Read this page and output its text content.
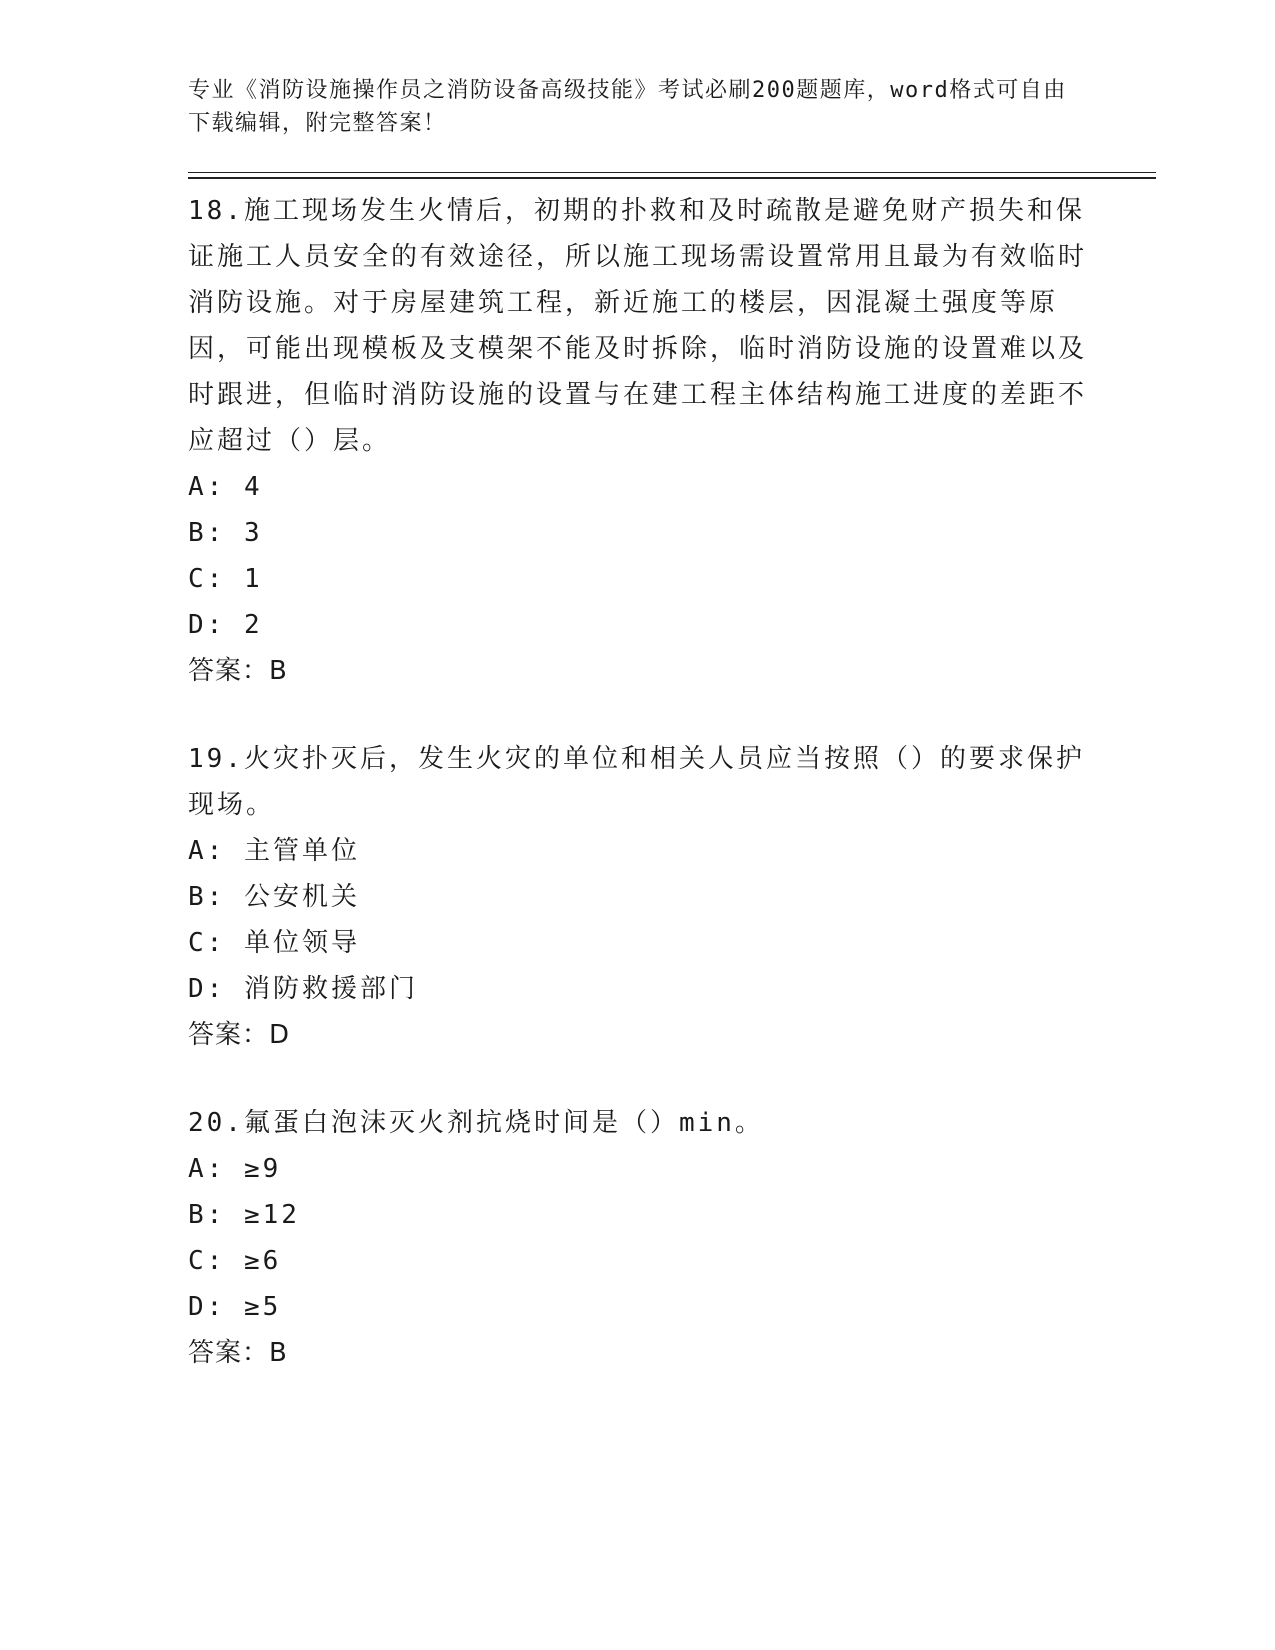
专业《消防设施操作员之消防设备高级技能》考试必刷200题题库，word格式可自由下载编辑，附完整答案！

18.施工现场发生火情后，初期的扑救和及时疏散是避免财产损失和保证施工人员安全的有效途径，所以施工现场需设置常用且最为有效临时消防设施。对于房屋建筑工程，新近施工的楼层，因混凝土强度等原因，可能出现模板及支模架不能及时拆除，临时消防设施的设置难以及时跟进，但临时消防设施的设置与在建工程主体结构施工进度的差距不应超过（）层。

A: 4
B: 3
C: 1
D: 2
答案：B

19.火灾扑灭后，发生火灾的单位和相关人员应当按照（）的要求保护现场。

A: 主管单位
B: 公安机关
C: 单位领导
D: 消防救援部门
答案：D

20.氟蛋白泡沫灭火剂抗烧时间是（）min。

A: ≥9
B: ≥12
C: ≥6
D: ≥5
答案：B
